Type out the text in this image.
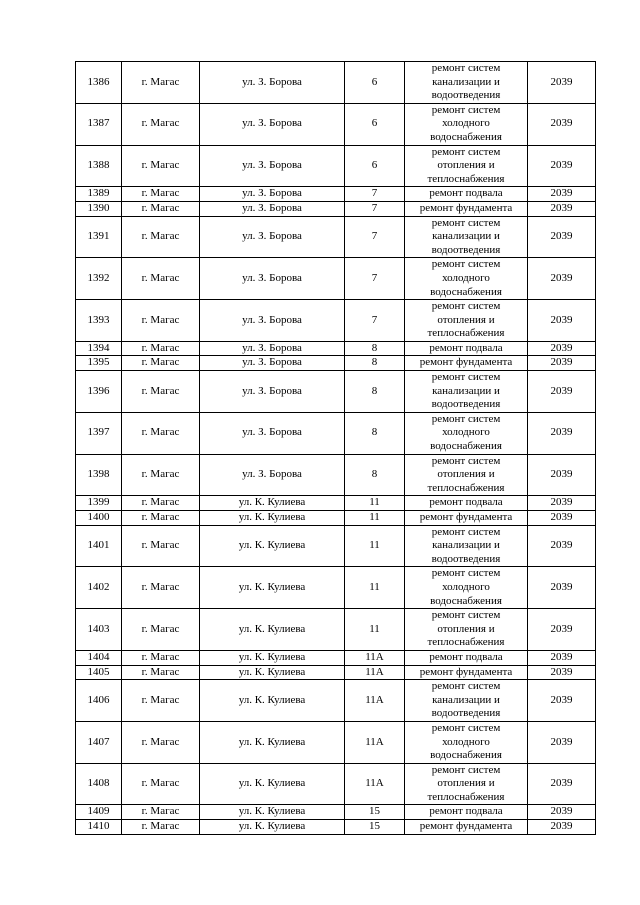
1386	г. Магас	ул. З. Борова	6	ремонт систем канализации и водоотведения	2039
1387	г. Магас	ул. З. Борова	6	ремонт систем холодного водоснабжения	2039
1388	г. Магас	ул. З. Борова	6	ремонт систем отопления и теплоснабжения	2039
1389	г. Магас	ул. З. Борова	7	ремонт подвала	2039
1390	г. Магас	ул. З. Борова	7	ремонт фундамента	2039
1391	г. Магас	ул. З. Борова	7	ремонт систем канализации и водоотведения	2039
1392	г. Магас	ул. З. Борова	7	ремонт систем холодного водоснабжения	2039
1393	г. Магас	ул. З. Борова	7	ремонт систем отопления и теплоснабжения	2039
1394	г. Магас	ул. З. Борова	8	ремонт подвала	2039
1395	г. Магас	ул. З. Борова	8	ремонт фундамента	2039
1396	г. Магас	ул. З. Борова	8	ремонт систем канализации и водоотведения	2039
1397	г. Магас	ул. З. Борова	8	ремонт систем холодного водоснабжения	2039
1398	г. Магас	ул. З. Борова	8	ремонт систем отопления и теплоснабжения	2039
1399	г. Магас	ул. К. Кулиева	11	ремонт подвала	2039
1400	г. Магас	ул. К. Кулиева	11	ремонт фундамента	2039
1401	г. Магас	ул. К. Кулиева	11	ремонт систем канализации и водоотведения	2039
1402	г. Магас	ул. К. Кулиева	11	ремонт систем холодного водоснабжения	2039
1403	г. Магас	ул. К. Кулиева	11	ремонт систем отопления и теплоснабжения	2039
1404	г. Магас	ул. К. Кулиева	11А	ремонт подвала	2039
1405	г. Магас	ул. К. Кулиева	11А	ремонт фундамента	2039
1406	г. Магас	ул. К. Кулиева	11А	ремонт систем канализации и водоотведения	2039
1407	г. Магас	ул. К. Кулиева	11А	ремонт систем холодного водоснабжения	2039
1408	г. Магас	ул. К. Кулиева	11А	ремонт систем отопления и теплоснабжения	2039
1409	г. Магас	ул. К. Кулиева	15	ремонт подвала	2039
1410	г. Магас	ул. К. Кулиева	15	ремонт фундамента	2039
